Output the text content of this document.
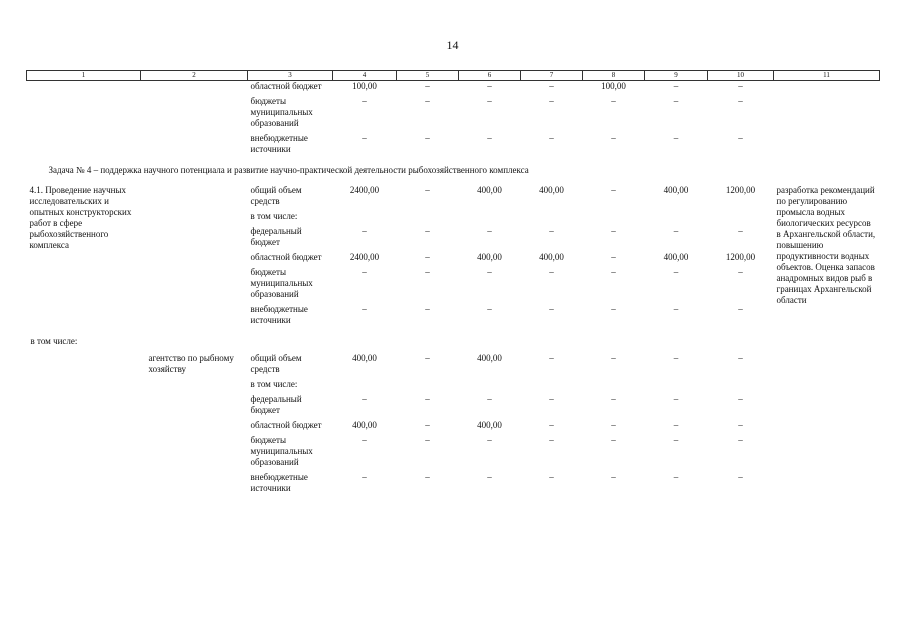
14
1	2	3	4	5	6	7	8	9	10	11
		областной бюджет	100,00	–	–	–	100,00	–	–	
		бюджеты муниципальных образований	–	–	–	–	–	–	–	
		внебюджетные источники	–	–	–	–	–	–	–	
Задача № 4 – поддержка научного потенциала и развитие научно-практической деятельности рыбохозяйственного комплекса										
4.1. Проведение научных исследовательских и опытных конструкторских работ в сфере рыбохозяйственного комплекса		общий объем средств	2400,00	–	400,00	400,00	–	400,00	1200,00	разработка рекомендаций по регулированию промысла водных биологических ресурсов в Архангельской области, повышению продуктивности водных объектов. Оценка запасов анадромных видов рыб в границах Архангельской области
		в том числе:								
		федеральный бюджет	–	–	–	–	–	–	–	
		областной бюджет	2400,00	–	400,00	400,00	–	400,00	1200,00	
		бюджеты муниципальных образований	–	–	–	–	–	–	–	
		внебюджетные источники	–	–	–	–	–	–	–	
в том числе:										
	агентство по рыбному хозяйству	общий объем средств	400,00	–	400,00	–	–	–	–	
		в том числе:								
		федеральный бюджет	–	–	–	–	–	–	–	
		областной бюджет	400,00	–	400,00	–	–	–	–	
		бюджеты муниципальных образований	–	–	–	–	–	–	–	
		внебюджетные источники	–	–	–	–	–	–	–	
